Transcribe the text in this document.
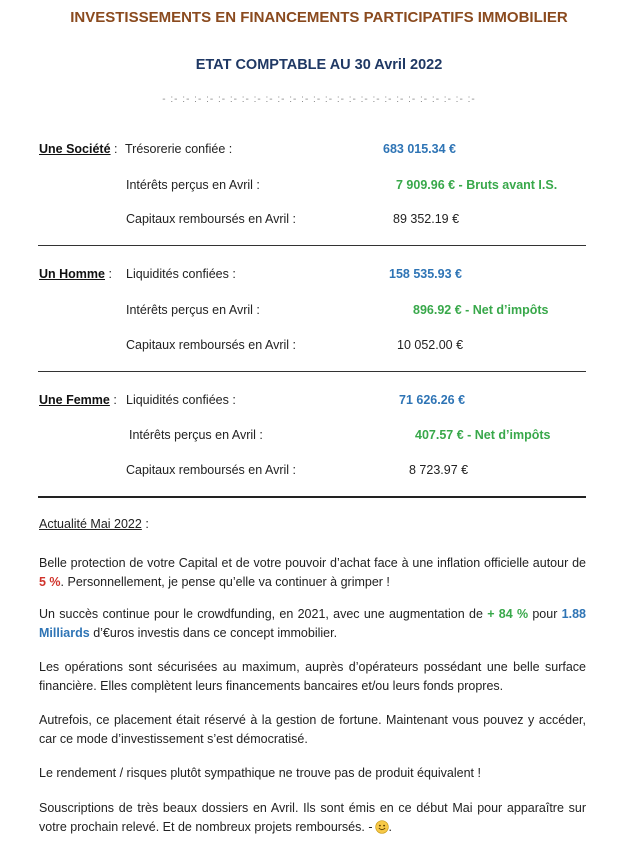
INVESTISSEMENTS EN FINANCEMENTS PARTICIPATIFS IMMOBILIER
ETAT COMPTABLE AU 30 Avril 2022
- :- :- :- :- :- :- :- :- :- :- :- :- :- :- :- :- :- :- :- :- :- :- :- :- :- :-
Une Société : Trésorerie confiée :	683 015.34 €
Intérêts perçus en Avril :	7 909.96 € - Bruts avant I.S.
Capitaux remboursés en Avril :	89 352.19 €
Un Homme : Liquidités confiées :	158 535.93 €
Intérêts perçus en Avril :	896.92 € - Net d’impôts
Capitaux remboursés en Avril :	10 052.00 €
Une Femme : Liquidités confiées :	71 626.26 €
Intérêts perçus en Avril :	407.57 € - Net d’impôts
Capitaux remboursés en Avril :	8 723.97 €
Actualité Mai 2022 :
Belle protection de votre Capital et de votre pouvoir d’achat face à une inflation officielle autour de 5 %. Personnellement, je pense qu’elle va continuer à grimper !
Un succès continue pour le crowdfunding, en 2021, avec une augmentation de + 84 % pour 1.88 Milliards d’€uros investis dans ce concept immobilier.
Les opérations sont sécurisées au maximum, auprès d’opérateurs possédant une belle surface financière. Elles complètent leurs financements bancaires et/ou leurs fonds propres.
Autrefois, ce placement était réservé à la gestion de fortune. Maintenant vous pouvez y accéder, car ce mode d’investissement s’est démocratisé.
Le rendement / risques plutôt sympathique ne trouve pas de produit équivalent !
Souscriptions de très beaux dossiers en Avril. Ils sont émis en ce début Mai pour apparaître sur votre prochain relevé. Et de nombreux projets remboursés. - .
